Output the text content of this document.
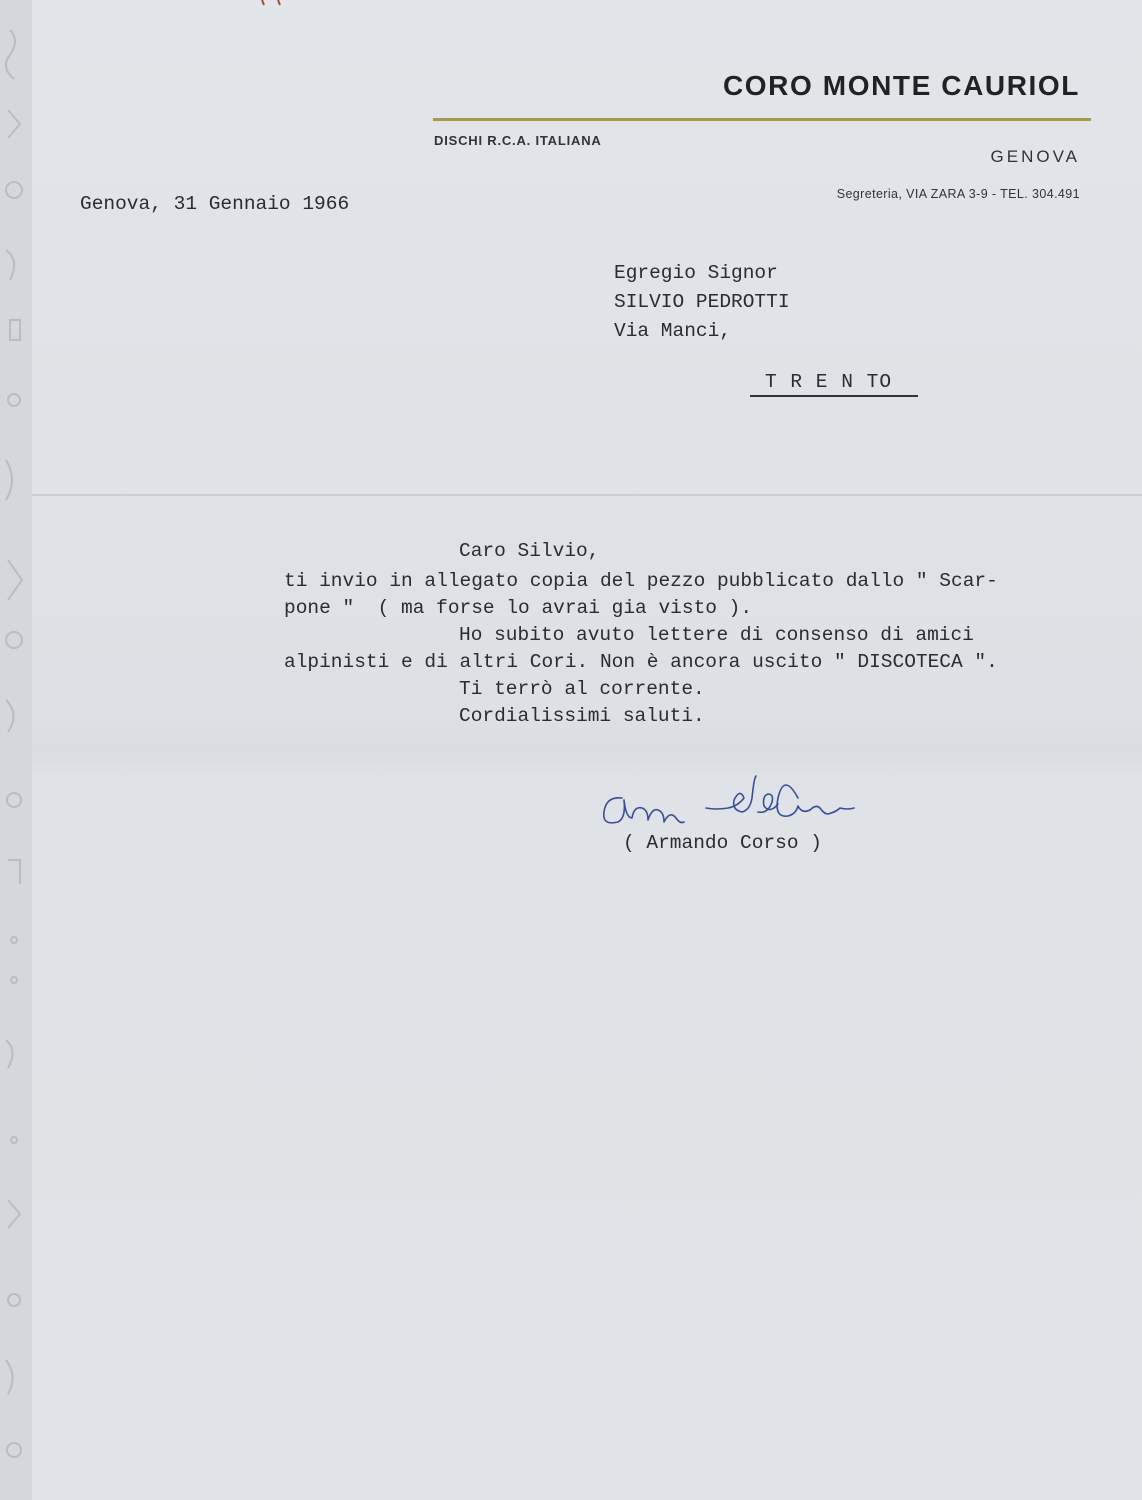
CORO MONTE CAURIOL
DISCHI R.C.A. ITALIANA
GENOVA
Segreteria, VIA ZARA 3-9 - TEL. 304.491
Genova, 31 Gennaio 1966
Egregio Signor
SILVIO PEDROTTI
Via Manci,
T R E N TO
Caro Silvio,
ti invio in allegato copia del pezzo pubblicato dallo " Scar-
pone "  ( ma forse lo avrai gia visto ).
Ho subito avuto lettere di consenso di amici
alpinisti e di altri Cori. Non è ancora uscito " DISCOTECA ".
Ti terrò al corrente.
Cordialissimi saluti.
( Armando Corso )
